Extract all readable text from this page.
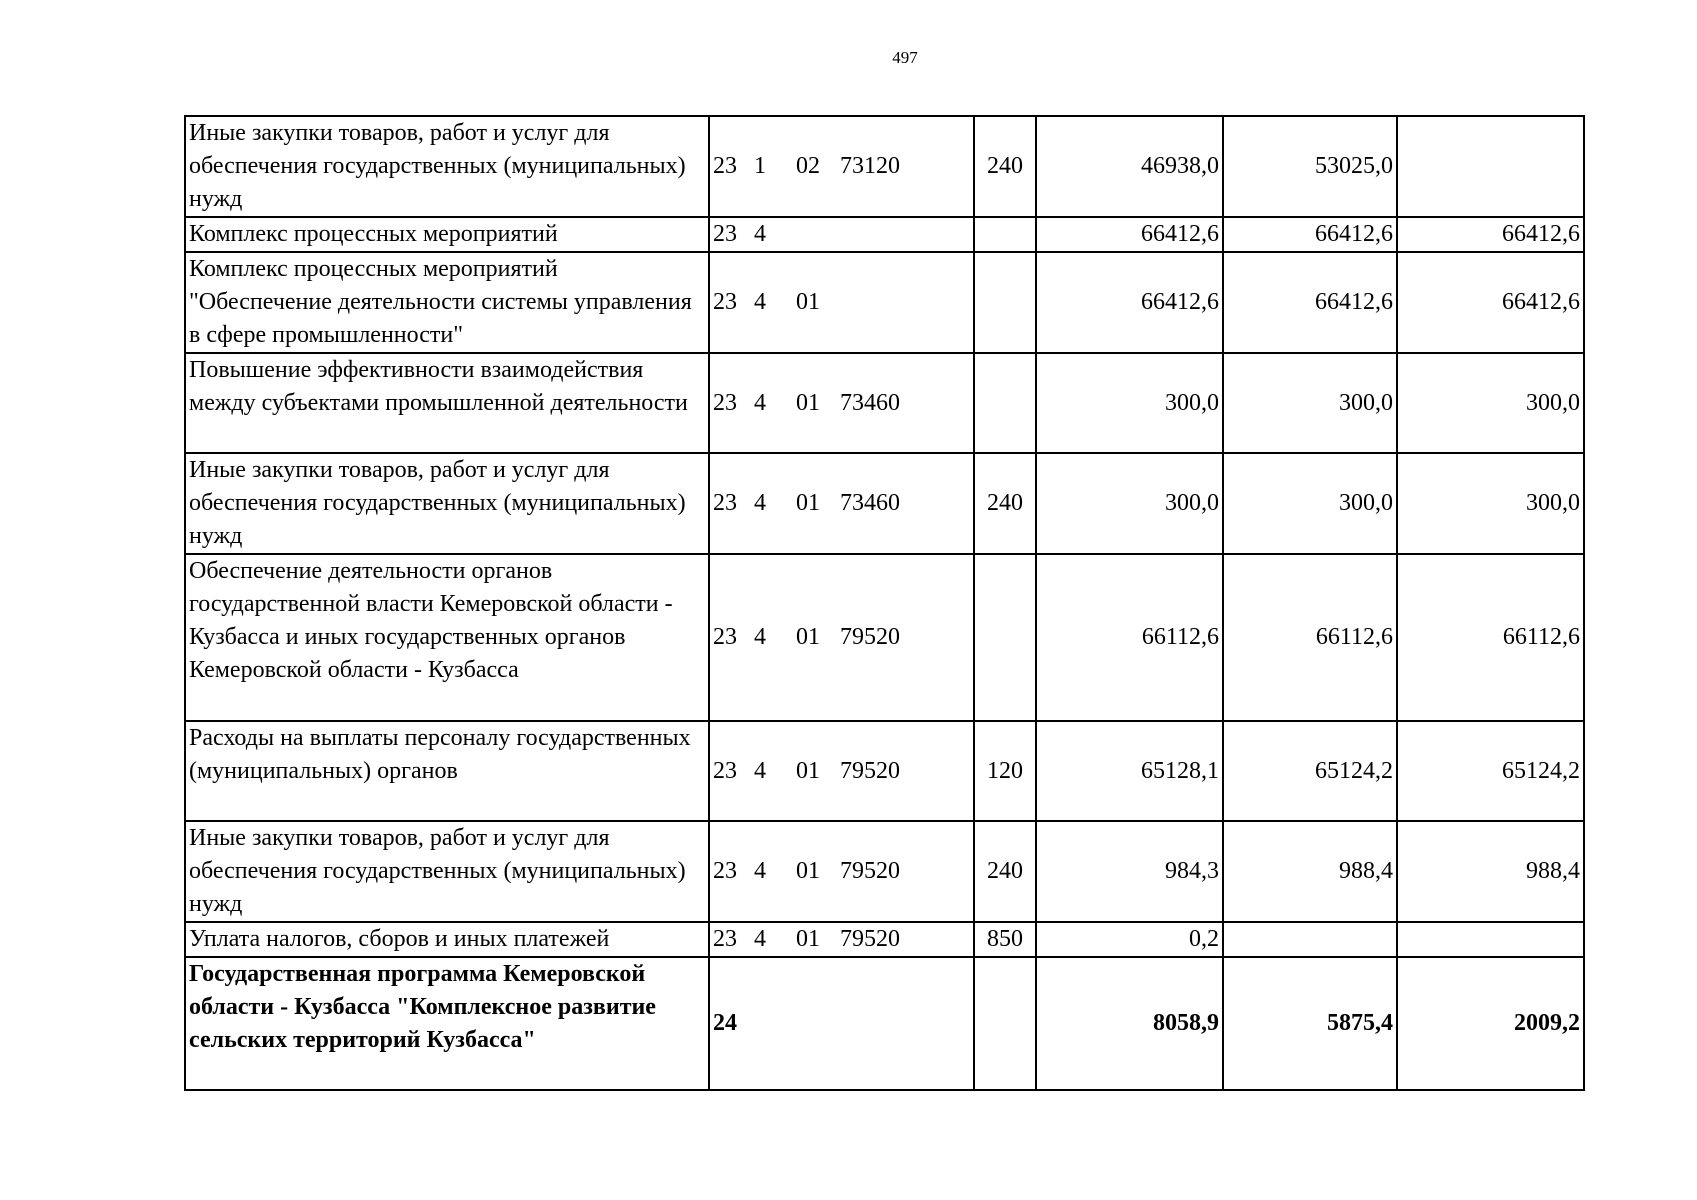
497
Иные закупки товаров, работ и услуг для обеспечения государственных (муниципальных) нужд	23 1 02 73120	240	46938,0	53025,0	
Комплекс процессных мероприятий	23 4		66412,6	66412,6	66412,6
Комплекс процессных мероприятий "Обеспечение деятельности системы управления в сфере промышленности"	23 4 01		66412,6	66412,6	66412,6
Повышение эффективности взаимодействия между субъектами промышленной деятельности	23 4 01 73460		300,0	300,0	300,0
Иные закупки товаров, работ и услуг для обеспечения государственных (муниципальных) нужд	23 4 01 73460	240	300,0	300,0	300,0
Обеспечение деятельности органов государственной власти Кемеровской области - Кузбасса и иных государственных органов Кемеровской области - Кузбасса	23 4 01 79520		66112,6	66112,6	66112,6
Расходы на выплаты персоналу государственных (муниципальных) органов	23 4 01 79520	120	65128,1	65124,2	65124,2
Иные закупки товаров, работ и услуг для обеспечения государственных (муниципальных) нужд	23 4 01 79520	240	984,3	988,4	988,4
Уплата налогов, сборов и иных платежей	23 4 01 79520	850	0,2		
Государственная программа Кемеровской области - Кузбасса "Комплексное развитие сельских территорий Кузбасса"	24		8058,9	5875,4	2009,2
